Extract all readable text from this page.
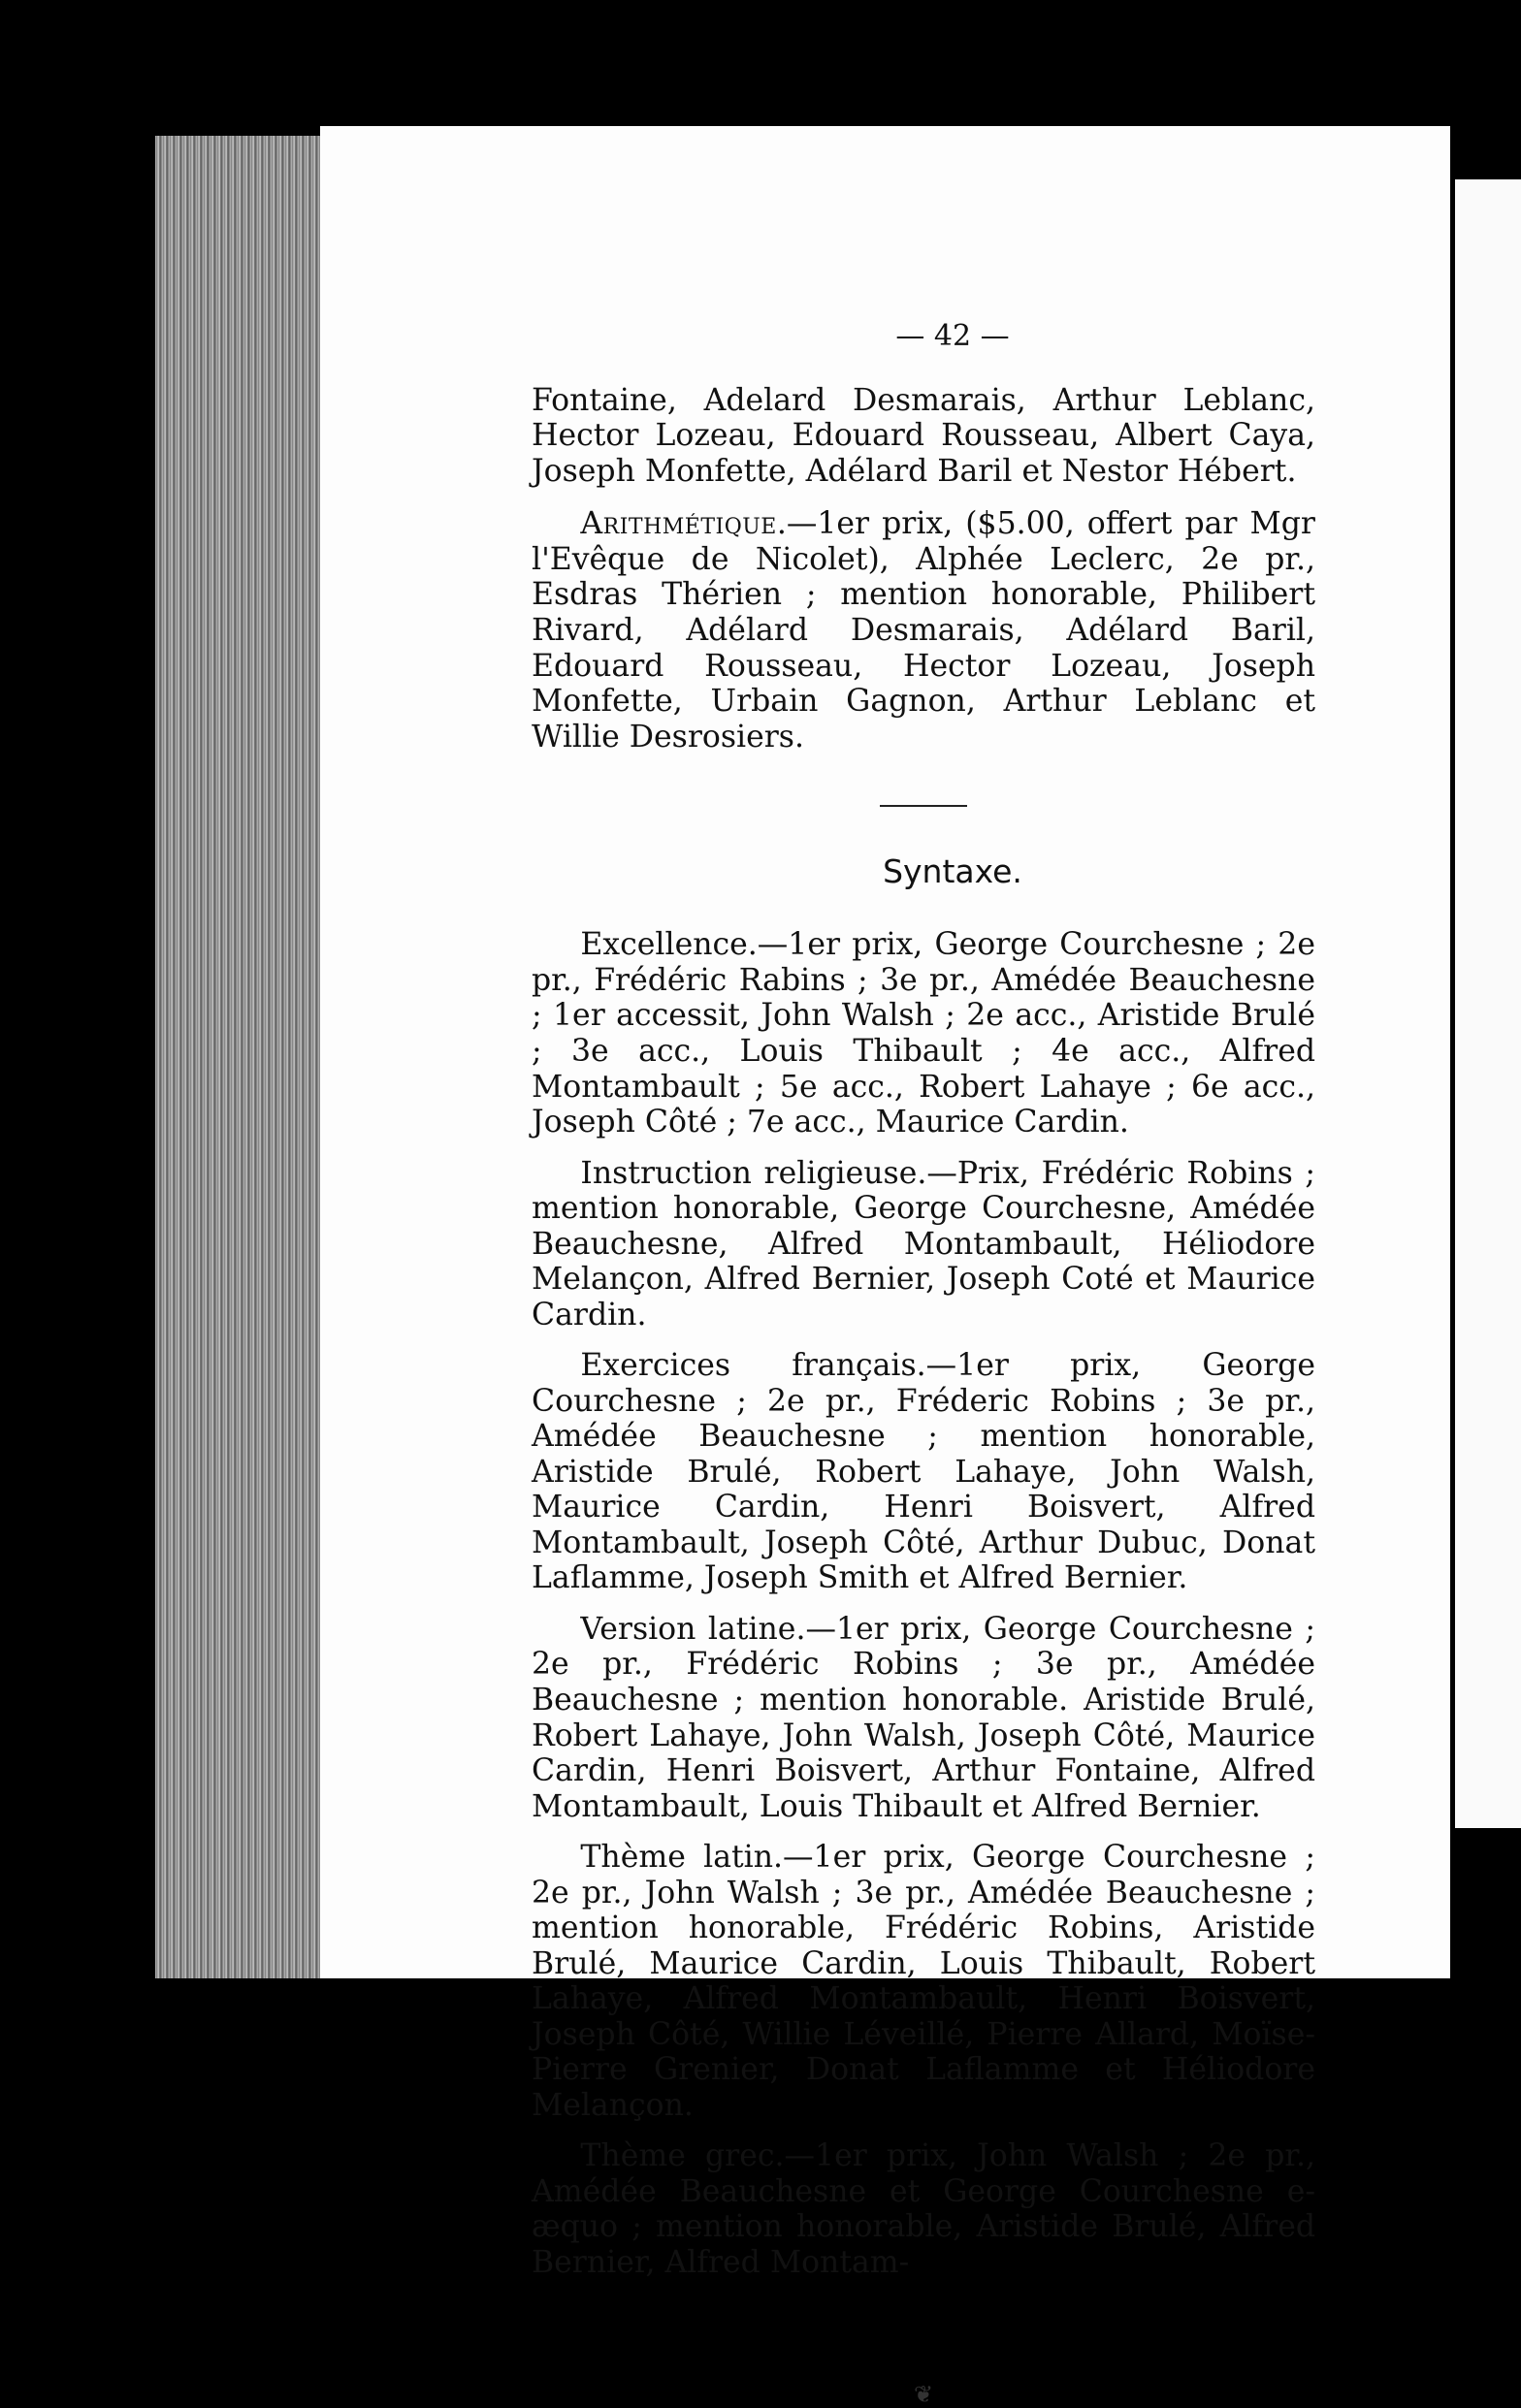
— 42 —

Fontaine, Adelard Desmarais, Arthur Leblanc, Hector Lozeau, Edouard Rousseau, Albert Caya, Joseph Monfette, Adélard Baril et Nestor Hébert.

Arithmétique.—1er prix, ($5.00, offert par Mgr l'Evêque de Nicolet), Alphée Leclerc, 2e pr., Esdras Thérien ; mention honorable, Philibert Rivard, Adélard Desmarais, Adélard Baril, Edouard Rousseau, Hector Lozeau, Joseph Monfette, Urbain Gagnon, Arthur Leblanc et Willie Desrosiers.

Syntaxe.

Excellence.—1er prix, George Courchesne ; 2e pr., Frédéric Rabins ; 3e pr., Amédée Beauchesne ; 1er accessit, John Walsh ; 2e acc., Aristide Brulé ; 3e acc., Louis Thibault ; 4e acc., Alfred Montambault ; 5e acc., Robert Lahaye ; 6e acc., Joseph Côté ; 7e acc., Maurice Cardin.

Instruction religieuse.—Prix, Frédéric Robins ; mention honorable, George Courchesne, Amédée Beauchesne, Alfred Montambault, Héliodore Melançon, Alfred Bernier, Joseph Coté et Maurice Cardin.

Exercices français.—1er prix, George Courchesne ; 2e pr., Fréderic Robins ; 3e pr., Amédée Beauchesne ; mention honorable, Aristide Brulé, Robert Lahaye, John Walsh, Maurice Cardin, Henri Boisvert, Alfred Montambault, Joseph Côté, Arthur Dubuc, Donat Laflamme, Joseph Smith et Alfred Bernier.

Version latine.—1er prix, George Courchesne ; 2e pr., Frédéric Robins ; 3e pr., Amédée Beauchesne ; mention honorable. Aristide Brulé, Robert Lahaye, John Walsh, Joseph Côté, Maurice Cardin, Henri Boisvert, Arthur Fontaine, Alfred Montambault, Louis Thibault et Alfred Bernier.

Thème latin.—1er prix, George Courchesne ; 2e pr., John Walsh ; 3e pr., Amédée Beauchesne ; mention honorable, Frédéric Robins, Aristide Brulé, Maurice Cardin, Louis Thibault, Robert Lahaye, Alfred Montambault, Henri Boisvert, Joseph Côté, Willie Léveillé, Pierre Allard, Moïse-Pierre Grenier, Donat Laflamme et Héliodore Melançon.

Thème grec.—1er prix, John Walsh ; 2e pr., Amédée Beauchesne et George Courchesne e-æquo ; mention honorable, Aristide Brulé, Alfred Bernier, Alfred Montam-

❦
